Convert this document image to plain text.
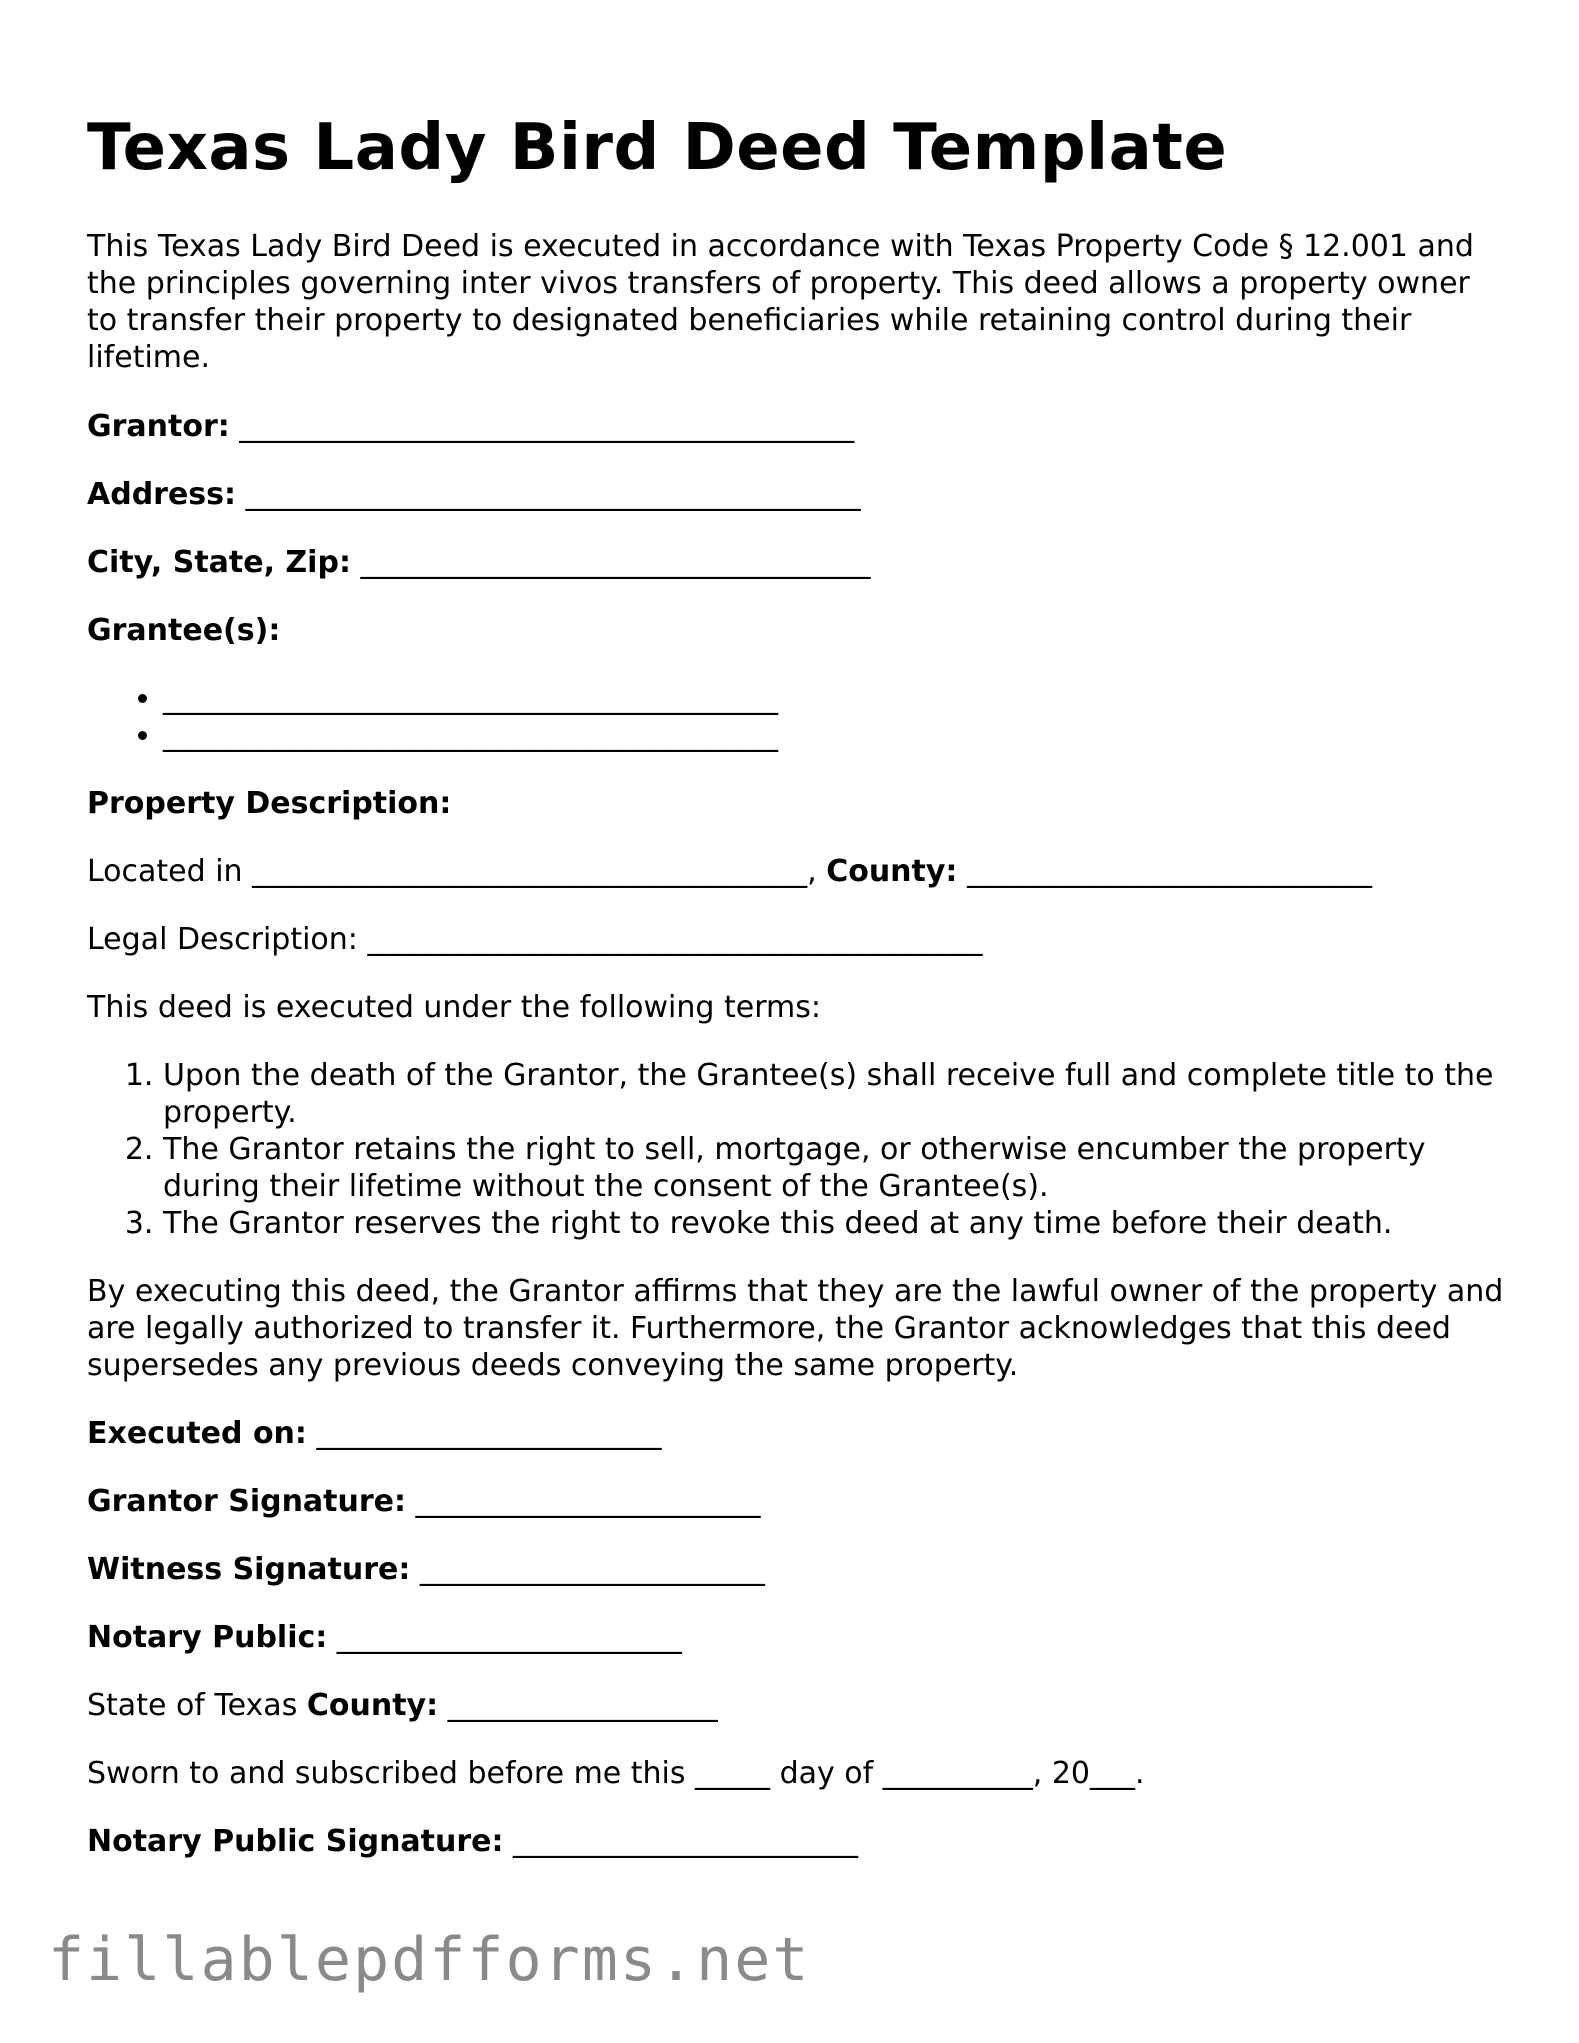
Texas Lady Bird Deed Template

This Texas Lady Bird Deed is executed in accordance with Texas Property Code § 12.001 and the principles governing inter vivos transfers of property. This deed allows a property owner to transfer their property to designated beneficiaries while retaining control during their lifetime.

Grantor: _________________________________________

Address: _________________________________________

City, State, Zip: __________________________________

Grantee(s):

• _________________________________________
• _________________________________________

Property Description:

Located in _____________________________________, County: ___________________________

Legal Description: _________________________________________

This deed is executed under the following terms:

1. Upon the death of the Grantor, the Grantee(s) shall receive full and complete title to the property.
2. The Grantor retains the right to sell, mortgage, or otherwise encumber the property during their lifetime without the consent of the Grantee(s).
3. The Grantor reserves the right to revoke this deed at any time before their death.

By executing this deed, the Grantor affirms that they are the lawful owner of the property and are legally authorized to transfer it. Furthermore, the Grantor acknowledges that this deed supersedes any previous deeds conveying the same property.

Executed on: _______________________

Grantor Signature: _______________________

Witness Signature: _______________________

Notary Public: _______________________

State of Texas County: __________________

Sworn to and subscribed before me this _____ day of __________, 20___.

Notary Public Signature: _______________________

fillablepdfforms.net
